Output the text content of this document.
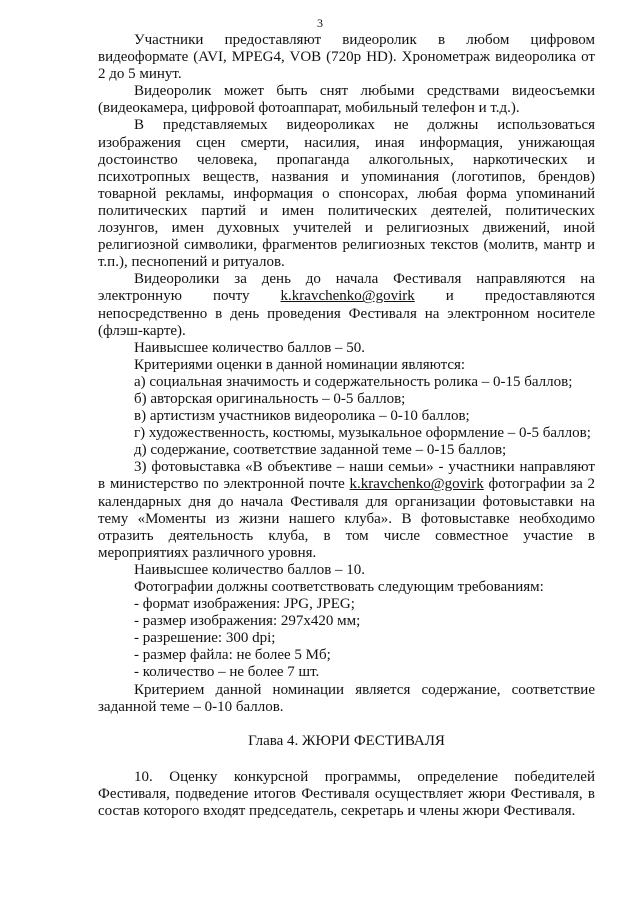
3

Участники предоставляют видеоролик в любом цифровом видеоформате (AVI, MPEG4, VOB (720p HD). Хронометраж видеоролика от 2 до 5 минут.

Видеоролик может быть снят любыми средствами видеосъемки (видеокамера, цифровой фотоаппарат, мобильный телефон и т.д.).

В представляемых видеороликах не должны использоваться изображения сцен смерти, насилия, иная информация, унижающая достоинство человека, пропаганда алкогольных, наркотических и психотропных веществ, названия и упоминания (логотипов, брендов) товарной рекламы, информация о спонсорах, любая форма упоминаний политических партий и имен политических деятелей, политических лозунгов, имен духовных учителей и религиозных движений, иной религиозной символики, фрагментов религиозных текстов (молитв, мантр и т.п.), песнопений и ритуалов.

Видеоролики за день до начала Фестиваля направляются на электронную почту k.kravchenko@govirk и предоставляются непосредственно в день проведения Фестиваля на электронном носителе (флэш-карте).

Наивысшее количество баллов – 50.

Критериями оценки в данной номинации являются:

а) социальная значимость и содержательность ролика – 0-15 баллов;

б) авторская оригинальность – 0-5 баллов;

в) артистизм участников видеоролика – 0-10 баллов;

г) художественность, костюмы, музыкальное оформление – 0-5 баллов;

д) содержание, соответствие заданной теме – 0-15 баллов;

3) фотовыставка «В объективе – наши семьи» - участники направляют в министерство по электронной почте k.kravchenko@govirk фотографии за 2 календарных дня до начала Фестиваля для организации фотовыставки на тему «Моменты из жизни нашего клуба». В фотовыставке необходимо отразить деятельность клуба, в том числе совместное участие в мероприятиях различного уровня.

Наивысшее количество баллов – 10.

Фотографии должны соответствовать следующим требованиям:

- формат изображения: JPG, JPEG;

- размер изображения: 297х420 мм;

- разрешение: 300 dpi;

- размер файла: не более 5 Мб;

- количество – не более 7 шт.

Критерием данной номинации является содержание, соответствие заданной теме – 0-10 баллов.

Глава 4. ЖЮРИ ФЕСТИВАЛЯ

10. Оценку конкурсной программы, определение победителей Фестиваля, подведение итогов Фестиваля осуществляет жюри Фестиваля, в состав которого входят председатель, секретарь и члены жюри Фестиваля.
